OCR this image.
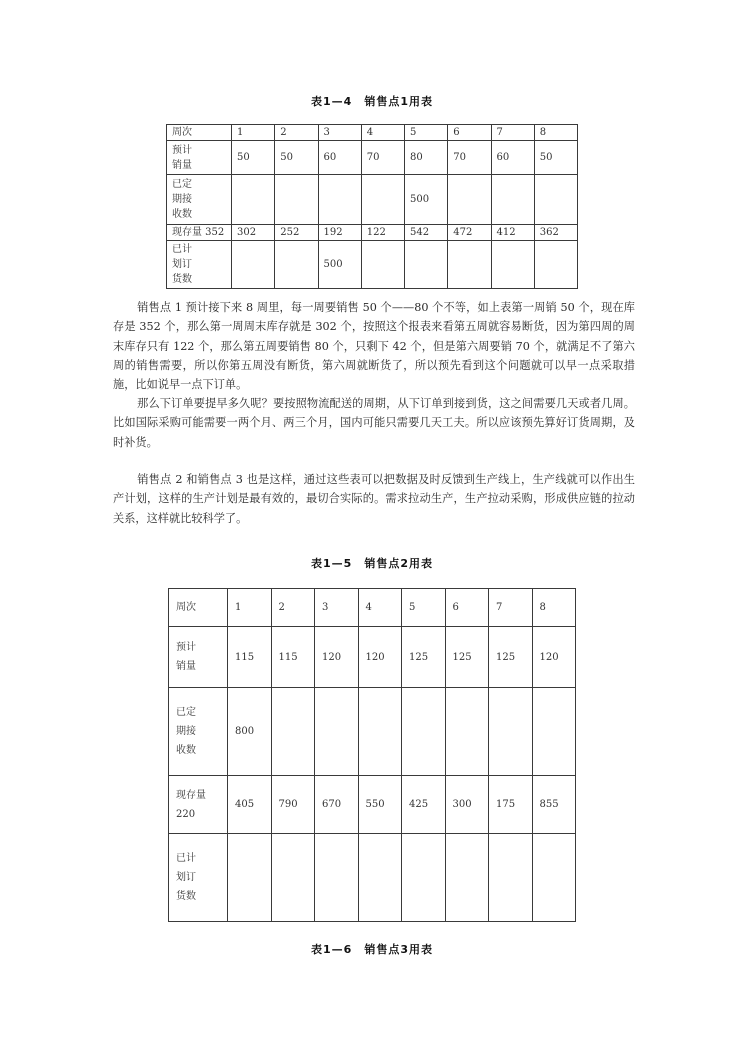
表1—4　销售点1用表
周次	1	2	3	4	5	6	7	8
预计
销量	50	50	60	70	80	70	60	50
已定
期接
收数					500			
现存量 352	302	252	192	122	542	472	412	362
已计
划订
货数			500					

销售点 1 预计接下来 8 周里，每一周要销售 50 个——80 个不等，如上表第一周销 50 个，现在库存是 352 个，那么第一周周末库存就是 302 个，按照这个报表来看第五周就容易断货，因为第四周的周末库存只有 122 个，那么第五周要销售 80 个，只剩下 42 个，但是第六周要销 70 个，就满足不了第六周的销售需要，所以你第五周没有断货，第六周就断货了，所以预先看到这个问题就可以早一点采取措施，比如说早一点下订单。

那么下订单要提早多久呢？要按照物流配送的周期，从下订单到接到货，这之间需要几天或者几周。比如国际采购可能需要一两个月、两三个月，国内可能只需要几天工夫。所以应该预先算好订货周期，及时补货。

销售点 2 和销售点 3 也是这样，通过这些表可以把数据及时反馈到生产线上，生产线就可以作出生产计划，这样的生产计划是最有效的，最切合实际的。需求拉动生产，生产拉动采购，形成供应链的拉动关系，这样就比较科学了。

表1—5　销售点2用表
周次	1	2	3	4	5	6	7	8
预计
销量	115	115	120	120	125	125	125	120
已定
期接
收数	800							
现存量
220	405	790	670	550	425	300	175	855
已计
划订
货数								
表1—6　销售点3用表
